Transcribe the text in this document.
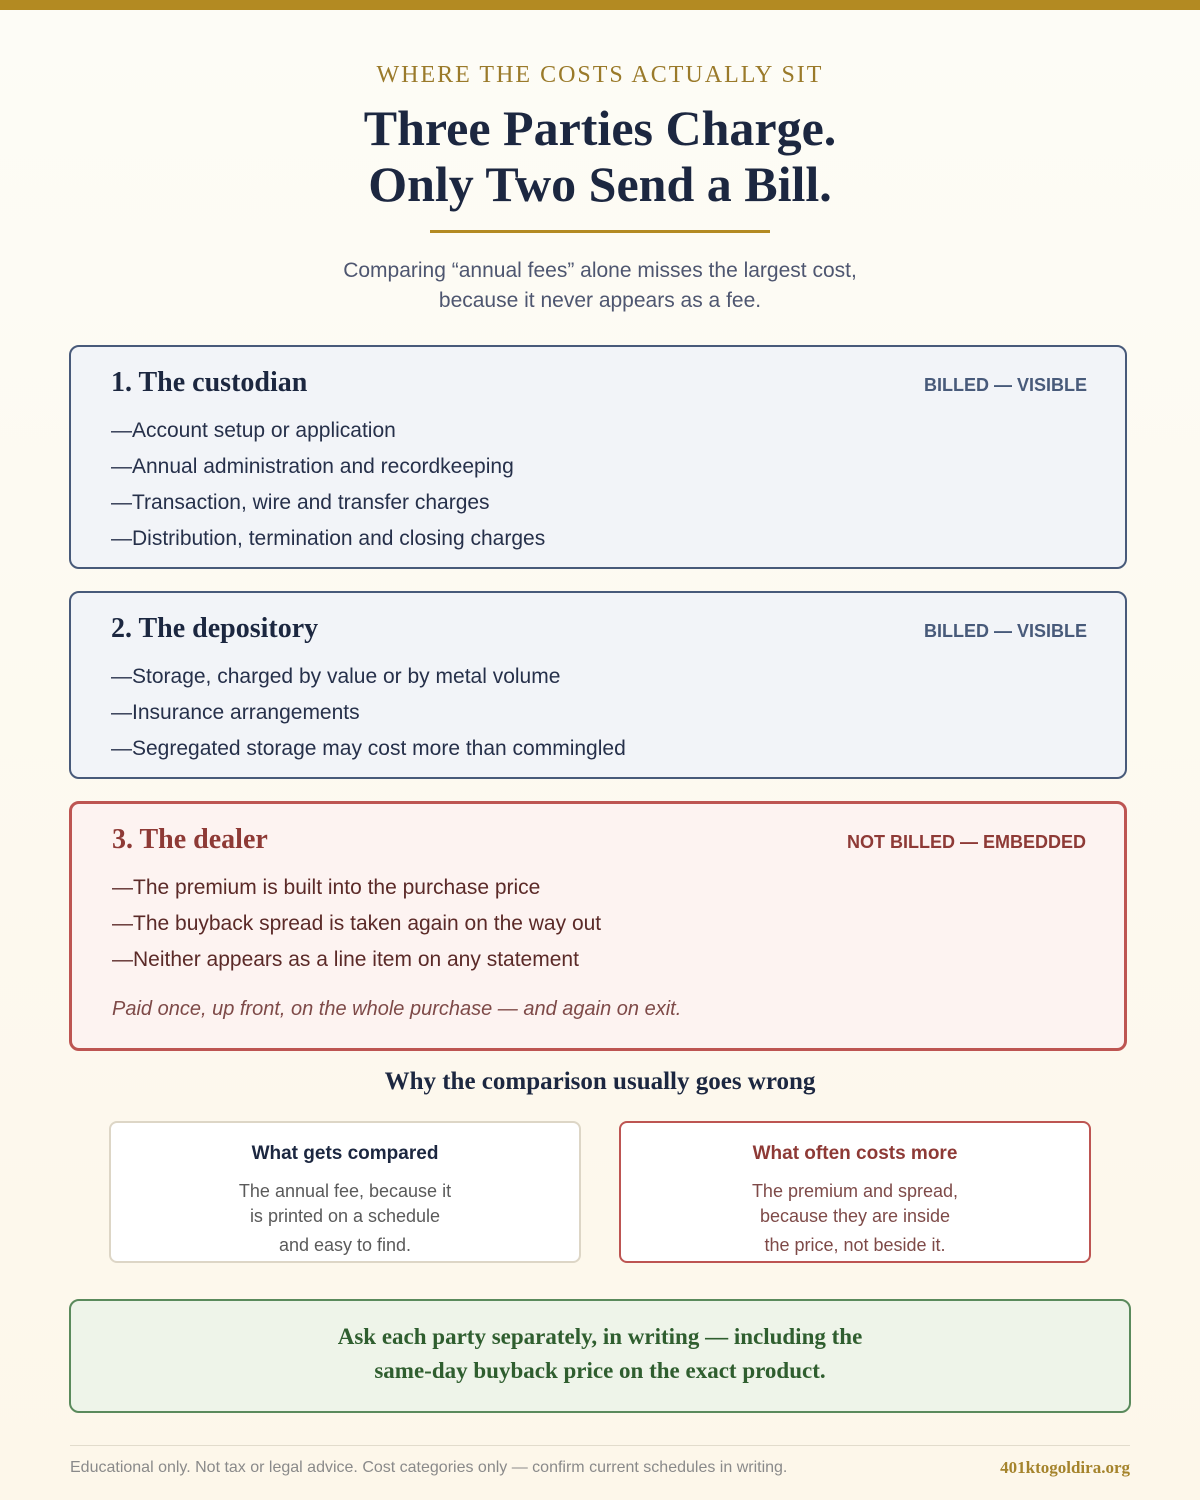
WHERE THE COSTS ACTUALLY SIT
Three Parties Charge.
Only Two Send a Bill.
Comparing “annual fees” alone misses the largest cost,
because it never appears as a fee.
1. The custodian	BILLED — VISIBLE
— Account setup or application
— Annual administration and recordkeeping
— Transaction, wire and transfer charges
— Distribution, termination and closing charges
2. The depository	BILLED — VISIBLE
— Storage, charged by value or by metal volume
— Insurance arrangements
— Segregated storage may cost more than commingled
3. The dealer	NOT BILLED — EMBEDDED
— The premium is built into the purchase price
— The buyback spread is taken again on the way out
— Neither appears as a line item on any statement
Paid once, up front, on the whole purchase — and again on exit.
Why the comparison usually goes wrong
What gets compared
The annual fee, because it
is printed on a schedule
and easy to find.
What often costs more
The premium and spread,
because they are inside
the price, not beside it.

Ask each party separately, in writing — including the
same-day buyback price on the exact product.

Educational only. Not tax or legal advice. Cost categories only — confirm current schedules in writing.	401ktogoldira.org
